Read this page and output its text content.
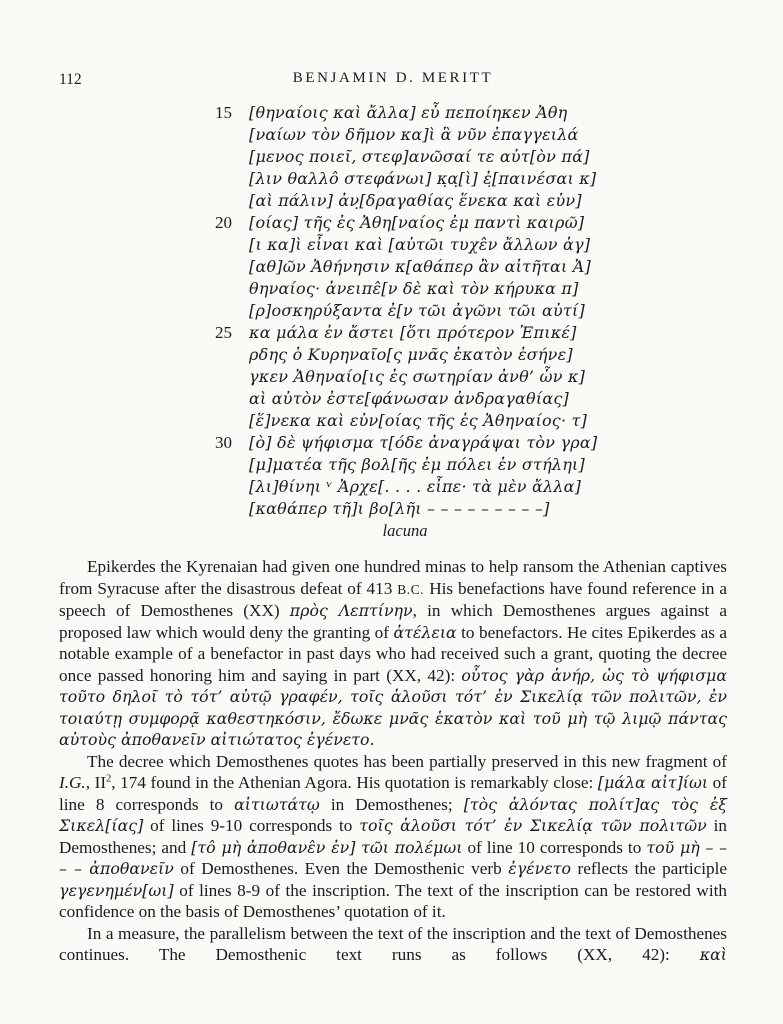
112	BENJAMIN D. MERITT
15 [θηναίοις καὶ ἄλλα] εὖ πεποίηκεν Ἀθη
[ναίων τὸν δῆμον κα]ὶ ἃ νῦν ἐπαγγειλά
[μενος ποιεῖ, στεφ]ανῶσαί τε αὐτ[ὸν πά]
[λιν θαλλο̂ στεφάνωι] κ̣α̣[ὶ] ἐ̣[παινέσαι κ]
[αὶ πάλιν] ἀν̣[δραγαθίας ἕνεκα καὶ εὐν]
20 [οίας] τῆς ἐς Ἀθη[ναίος ἐμ παντὶ καιρῶ]
[ι κα]ὶ εἶναι καὶ [αὐτῶι τυχε̂ν ἄλλων ἀγ]
[αθ]ῶν Ἀθήνησιν κ[αθάπερ ἂν αἰτῆται Ἀ]
θηναίος· ἀνειπε̂[ν δὲ καὶ τὸν κήρυκα π]
[ρ]οσκηρύξαντα ἐ[ν τῶι ἀγῶνι τῶι αὐτί]
25 κα μάλα ἐν ἄστει [ὅτι πρότερον Ἐπικέ]
ρδης ὁ Κυρηναῖο[ς μνᾶς ἑκατὸν ἐσήνε]
γκεν Ἀθηναίο[ις ἐς σωτηρίαν ἀνθ’ ὧν κ]
αὶ αὐτὸν ἐστε[φάνωσαν ἀνδραγαθίας]
[ἕ]νεκα καὶ εὐν[οίας τῆς ἐς Ἀθηναίος· τ]
30 [ὸ] δὲ ψήφισμα τ[όδε ἀναγράψαι τὸν γρα]
[μ]ματέα τῆς βολ[ῆς ἐμ πόλει ἐν στήληι]
[λι]θίνηι ᵛ Ἀρχε[. . . . εἶπε· τὰ μὲν ἄλλα]
[καθάπερ τῆ]ι βο[λῆι – – – – – – – – –]
lacuna

Epikerdes the Kyrenaian had given one hundred minas to help ransom the Athenian captives from Syracuse after the disastrous defeat of 413 B.C. His benefactions have found reference in a speech of Demosthenes (XX) πρὸς Λεπτίνην, in which Demosthenes argues against a proposed law which would deny the granting of ἀτέλεια to benefactors. He cites Epikerdes as a notable example of a benefactor in past days who had received such a grant, quoting the decree once passed honoring him and saying in part (XX, 42): οὗτος γὰρ ἁνήρ, ὡς τὸ ψήφισμα τοῦτο δηλοῖ τὸ τότ’ αὐτῷ γραφέν, τοῖς ἁλοῦσι τότ’ ἐν Σικελίᾳ τῶν πολιτῶν, ἐν τοιαύτῃ συμφορᾷ καθεστηκόσιν, ἔδωκε μνᾶς ἑκατὸν καὶ τοῦ μὴ τῷ λιμῷ πάντας αὐτοὺς ἀποθανεῖν αἰτιώτατος ἐγένετο.

The decree which Demosthenes quotes has been partially preserved in this new fragment of I.G., $II^2$, 174 found in the Athenian Agora. His quotation is remarkably close: [μάλα αἰτ]ίωι of line 8 corresponds to αἰτιωτάτῳ in Demosthenes; [τὸς ἁλόντας πολίτ]ας τὸς ἐξ Σικελ[ίας] of lines 9-10 corresponds to τοῖς ἁλοῦσι τότ’ ἐν Σικελίᾳ τῶν πολιτῶν in Demosthenes; and [το̂ μὴ ἀποθανε̂ν ἐν] τῶι πολέμωι of line 10 corresponds to τοῦ μὴ – – – – ἀποθανεῖν of Demosthenes. Even the Demosthenic verb ἐγένετο reflects the participle γεγενημέν[ωι] of lines 8-9 of the inscription. The text of the inscription can be restored with confidence on the basis of Demosthenes’ quotation of it.

In a measure, the parallelism between the text of the inscription and the text of Demosthenes continues. The Demosthenic text runs as follows (XX, 42): καὶ
